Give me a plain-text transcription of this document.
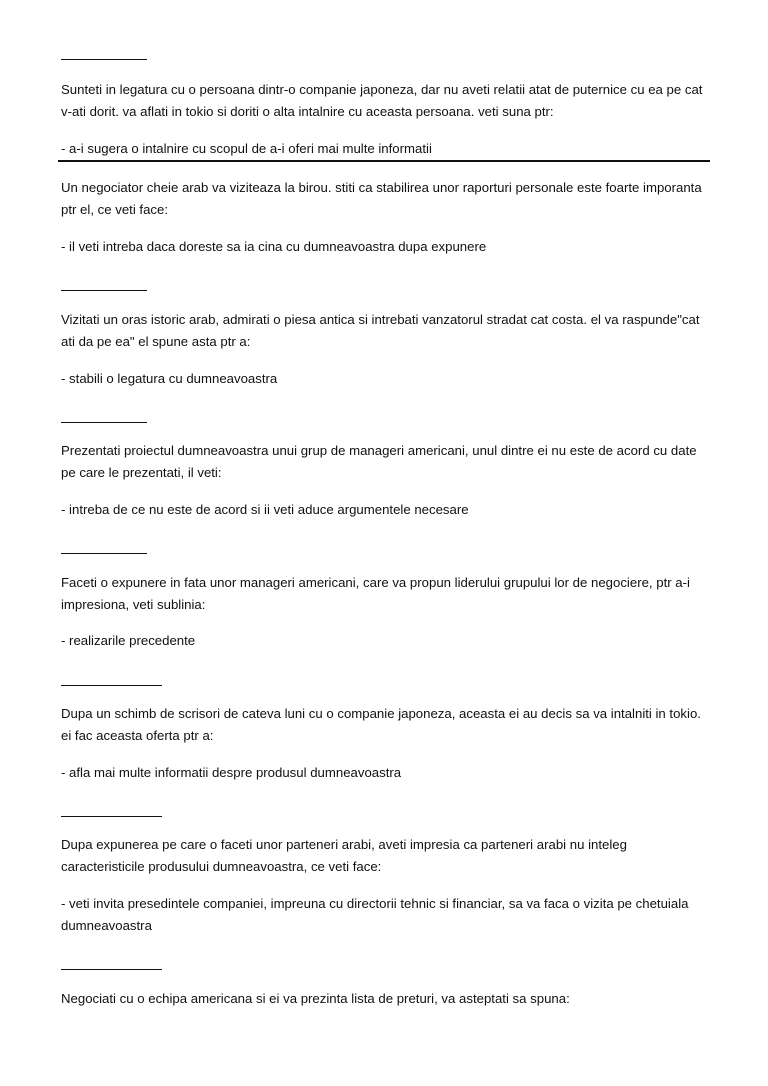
Sunteti in legatura cu o persoana dintr-o companie japoneza, dar nu aveti relatii atat de puternice cu ea pe cat v-ati dorit. va aflati in tokio si doriti o alta intalnire cu aceasta persoana. veti suna ptr:

- a-i sugera o intalnire cu scopul de a-i oferi mai multe informatii

Un negociator cheie arab va viziteaza la birou. stiti ca stabilirea unor raporturi personale este foarte imporanta ptr el, ce veti face:

- il veti intreba daca doreste sa ia cina cu dumneavoastra dupa expunere

Vizitati un oras istoric arab, admirati o piesa antica si intrebati vanzatorul stradat cat costa. el va raspunde"cat ati da pe ea" el spune asta ptr a:

- stabili o legatura cu dumneavoastra

Prezentati proiectul dumneavoastra unui grup de manageri americani, unul dintre ei nu este de acord cu date pe care le prezentati, il veti:

- intreba de ce nu este de acord si ii veti aduce argumentele necesare

Faceti o expunere in fata unor manageri americani, care va propun liderului grupului lor de negociere, ptr a-i impresiona, veti sublinia:

- realizarile precedente

Dupa un schimb de scrisori de cateva luni cu o companie japoneza, aceasta ei au decis sa va intalniti in tokio. ei fac aceasta oferta ptr a:

- afla mai multe informatii despre produsul dumneavoastra

Dupa expunerea pe care o faceti unor parteneri arabi, aveti impresia ca parteneri arabi nu inteleg caracteristicile produsului dumneavoastra, ce veti face:

- veti invita presedintele companiei, impreuna cu directorii tehnic si financiar, sa va faca o vizita pe chetuiala dumneavoastra

Negociati cu o echipa americana si ei va prezinta lista de preturi, va asteptati sa spuna:
